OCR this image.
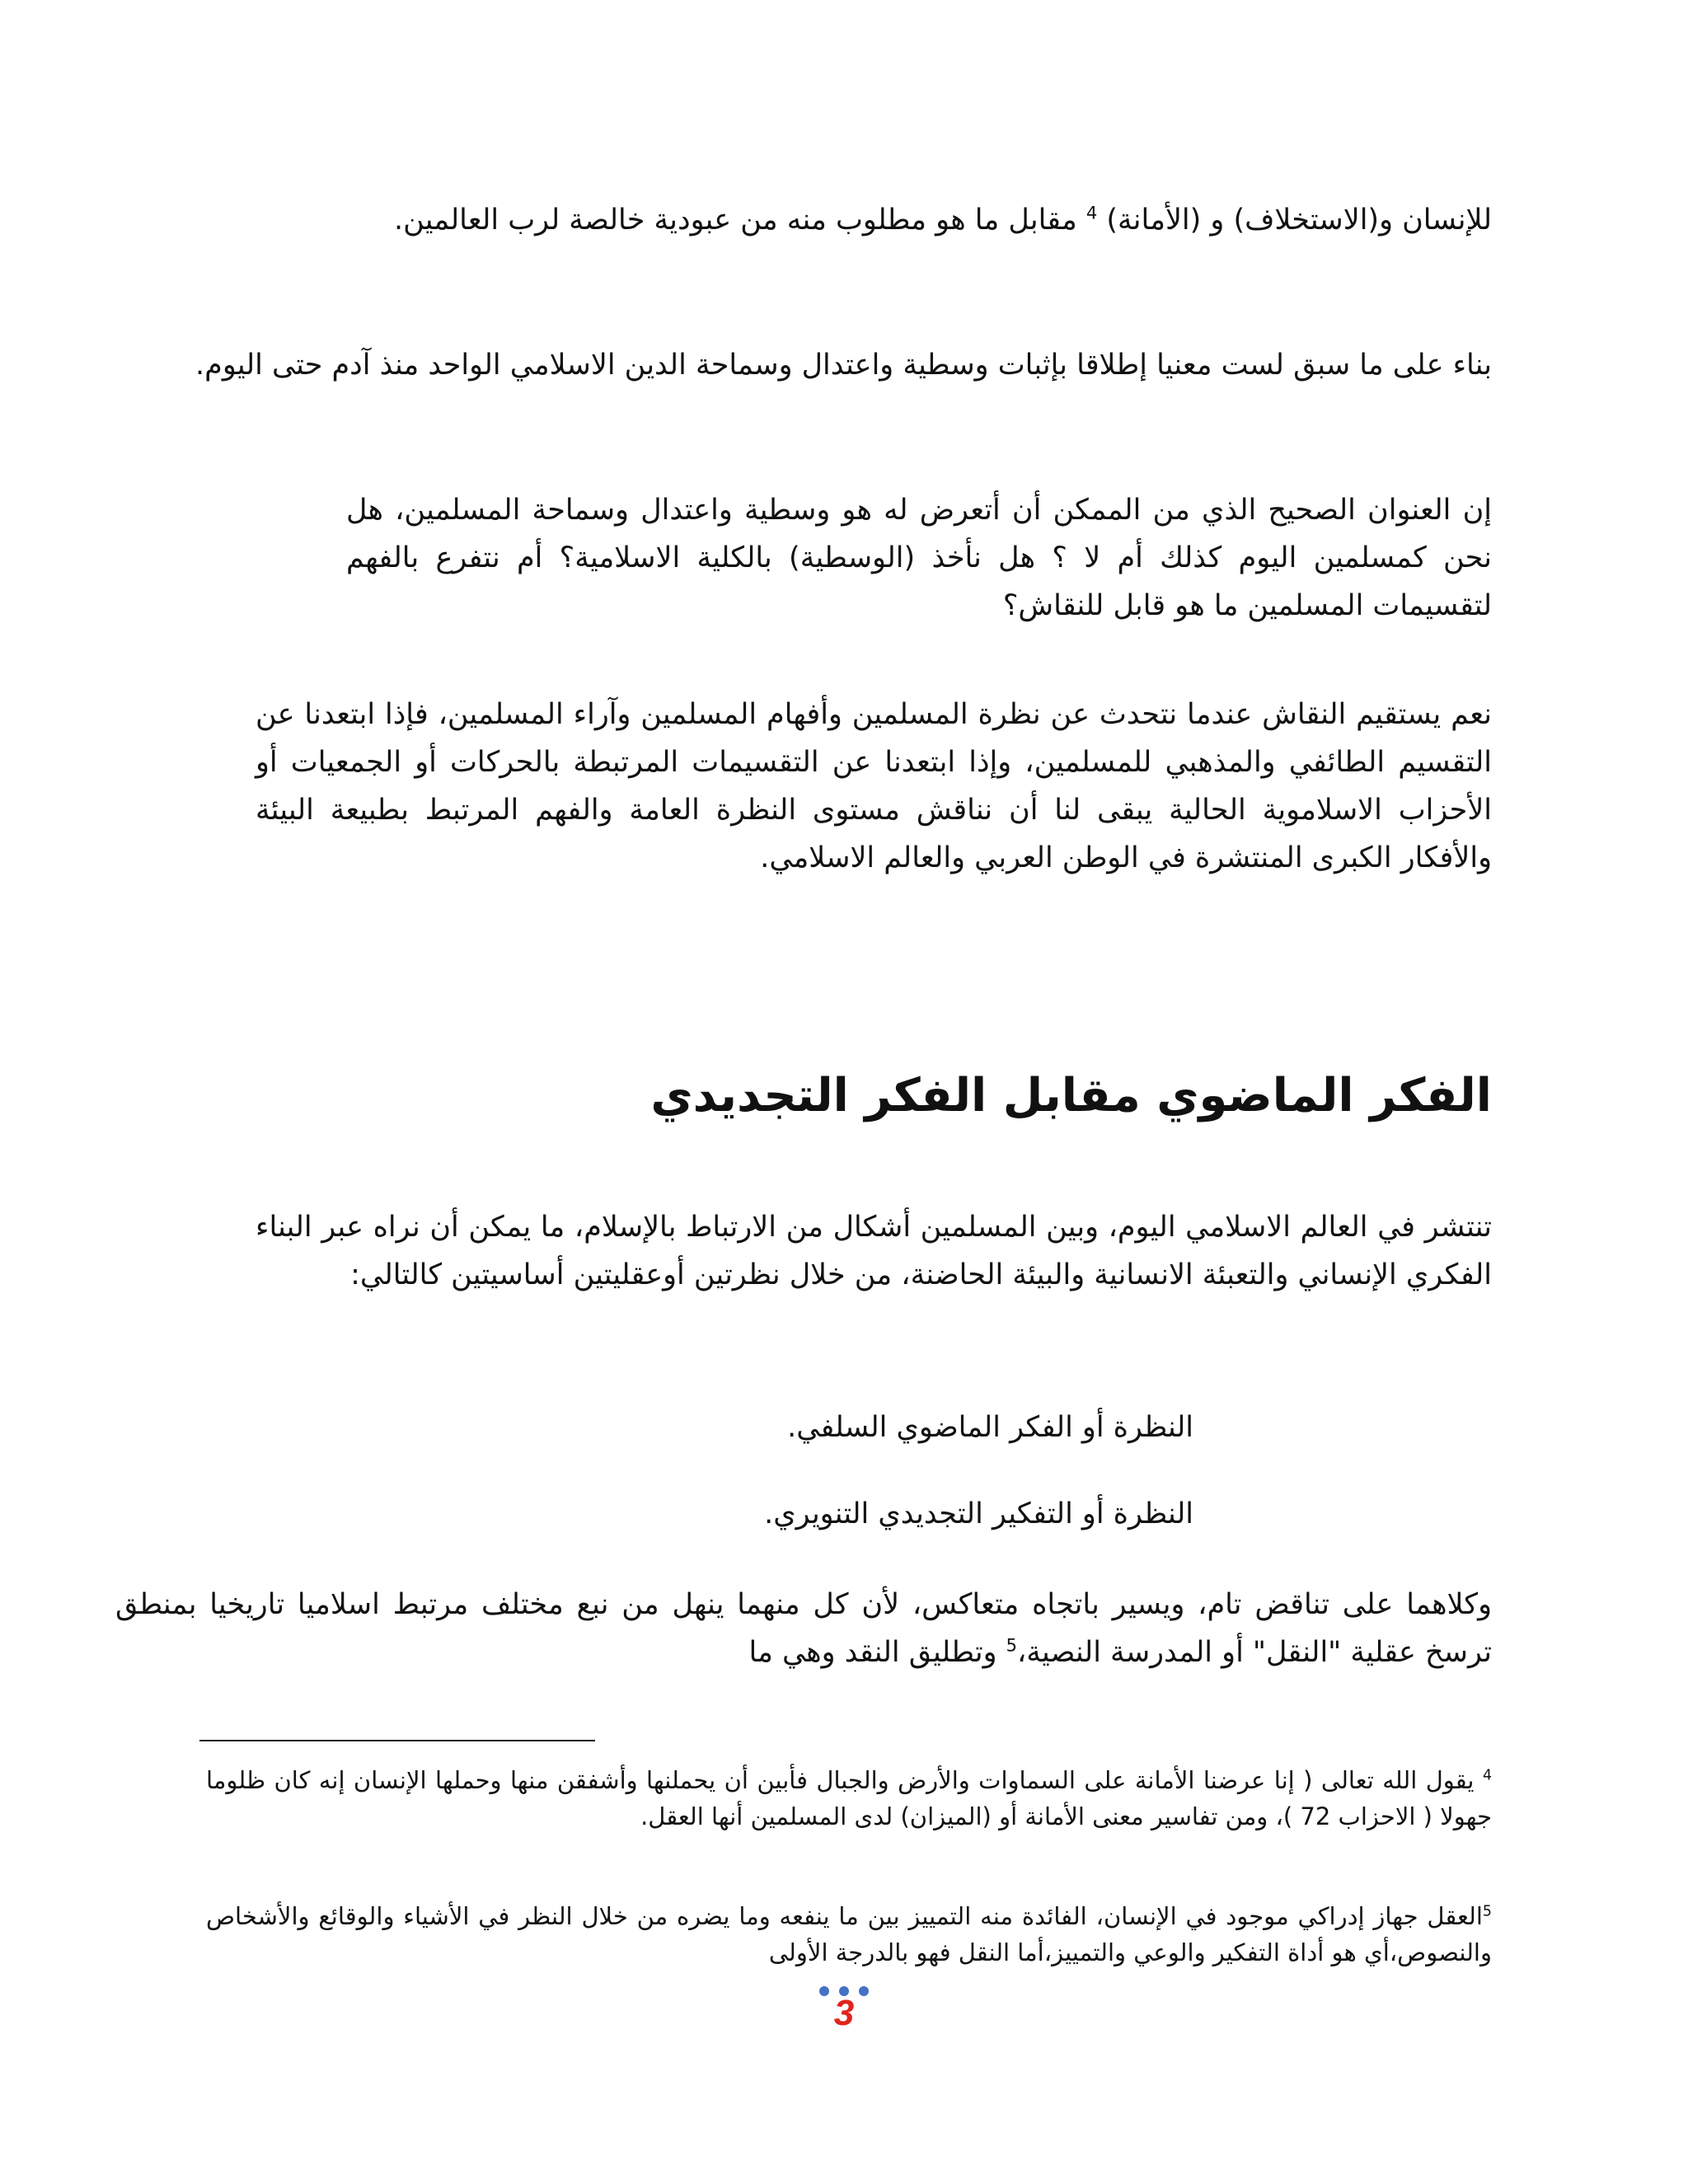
للإنسان و(الاستخلاف) و (الأمانة) $^4$ مقابل ما هو مطلوب منه من عبودية خالصة لرب العالمين.

بناء على ما سبق لست معنيا إطلاقا بإثبات وسطية واعتدال وسماحة الدين الاسلامي الواحد منذ آدم حتى اليوم.

إن العنوان الصحيح الذي من الممكن أن أتعرض له هو وسطية واعتدال وسماحة المسلمين، هل نحن كمسلمين اليوم كذلك أم لا ؟ هل نأخذ (الوسطية) بالكلية الاسلامية؟ أم نتفرع بالفهم لتقسيمات المسلمين ما هو قابل للنقاش؟

نعم يستقيم النقاش عندما نتحدث عن نظرة المسلمين وأفهام المسلمين وآراء المسلمين، فإذا ابتعدنا عن التقسيم الطائفي والمذهبي للمسلمين، وإذا ابتعدنا عن التقسيمات المرتبطة بالحركات أو الجمعيات أو الأحزاب الاسلاموية الحالية يبقى لنا أن نناقش مستوى النظرة العامة والفهم المرتبط بطبيعة البيئة والأفكار الكبرى المنتشرة في الوطن العربي والعالم الاسلامي.

الفكر الماضوي مقابل الفكر التجديدي

تنتشر في العالم الاسلامي اليوم، وبين المسلمين أشكال من الارتباط بالإسلام، ما يمكن أن نراه عبر البناء الفكري الإنساني والتعبئة الانسانية والبيئة الحاضنة، من خلال نظرتين أوعقليتين أساسيتين كالتالي:

النظرة أو الفكر الماضوي السلفي.

النظرة أو التفكير التجديدي التنويري.

وكلاهما على تناقض تام، ويسير باتجاه متعاكس، لأن كل منهما ينهل من نبع مختلف مرتبط اسلاميا تاريخيا بمنطق ترسخ عقلية "النقل" أو المدرسة النصية،$^5$ وتطليق النقد وهي ما

$^4$ يقول الله تعالى ( إنا عرضنا الأمانة على السماوات والأرض والجبال فأبين أن يحملنها وأشفقن منها وحملها الإنسان إنه كان ظلوما جهولا ( الاحزاب 72 )، ومن تفاسير معنى الأمانة أو (الميزان) لدى المسلمين أنها العقل.

$^5$العقل جهاز إدراكي موجود في الإنسان، الفائدة منه التمييز بين ما ينفعه وما يضره من خلال النظر في الأشياء والوقائع والأشخاص والنصوص،أي هو أداة التفكير والوعي والتمييز،أما النقل فهو بالدرجة الأولى

3
